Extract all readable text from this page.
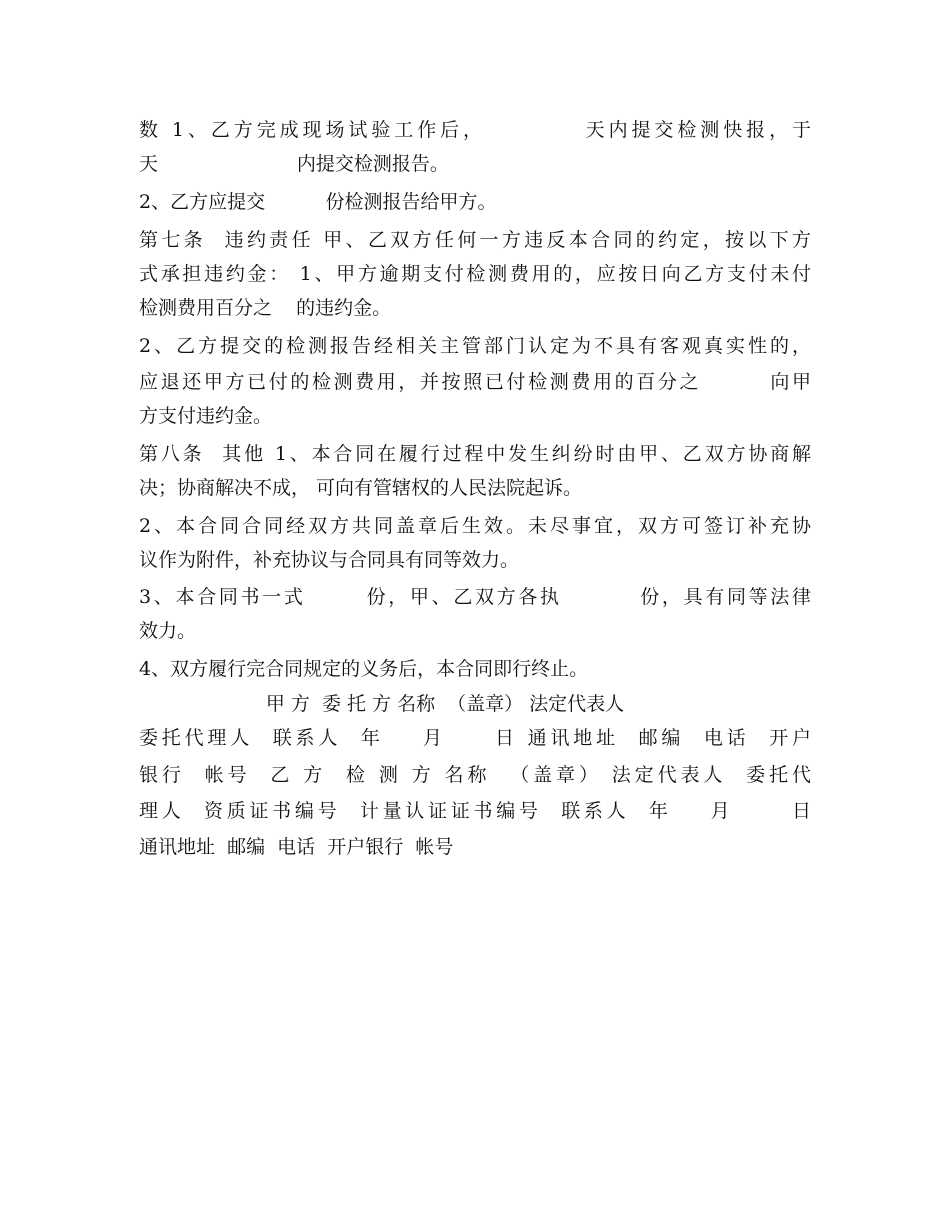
数 1、乙方完成现场试验工作后，          天内提交检测快报，于

天                       内提交检测报告。

2、乙方应提交          份检测报告给甲方。

第七条  违约责任 甲、乙双方任何一方违反本合同的约定，按以下方

式承担违约金： 1、甲方逾期支付检测费用的，应按日向乙方支付未付

检测费用百分之    的违约金。

2、乙方提交的检测报告经相关主管部门认定为不具有客观真实性的，

应退还甲方已付的检测费用，并按照已付检测费用的百分之        向甲

方支付违约金。

第八条  其他 1、本合同在履行过程中发生纠纷时由甲、乙双方协商解

决；协商解决不成， 可向有管辖权的人民法院起诉。

2、本合同合同经双方共同盖章后生效。未尽事宜，双方可签订补充协

议作为附件，补充协议与合同具有同等效力。

3、本合同书一式       份，甲、乙双方各执         份，具有同等法律

效力。

4、双方履行完合同规定的义务后，本合同即行终止。

甲 方  委 托 方 名称  （盖章） 法定代表人

委托代理人  联系人  年    月     日 通讯地址  邮编  电话  开户

银行  帐号  乙 方  检 测 方 名称  （盖章） 法定代表人  委托代

理人  资质证书编号  计量认证证书编号  联系人  年    月      日

通讯地址  邮编  电话  开户银行  帐号
